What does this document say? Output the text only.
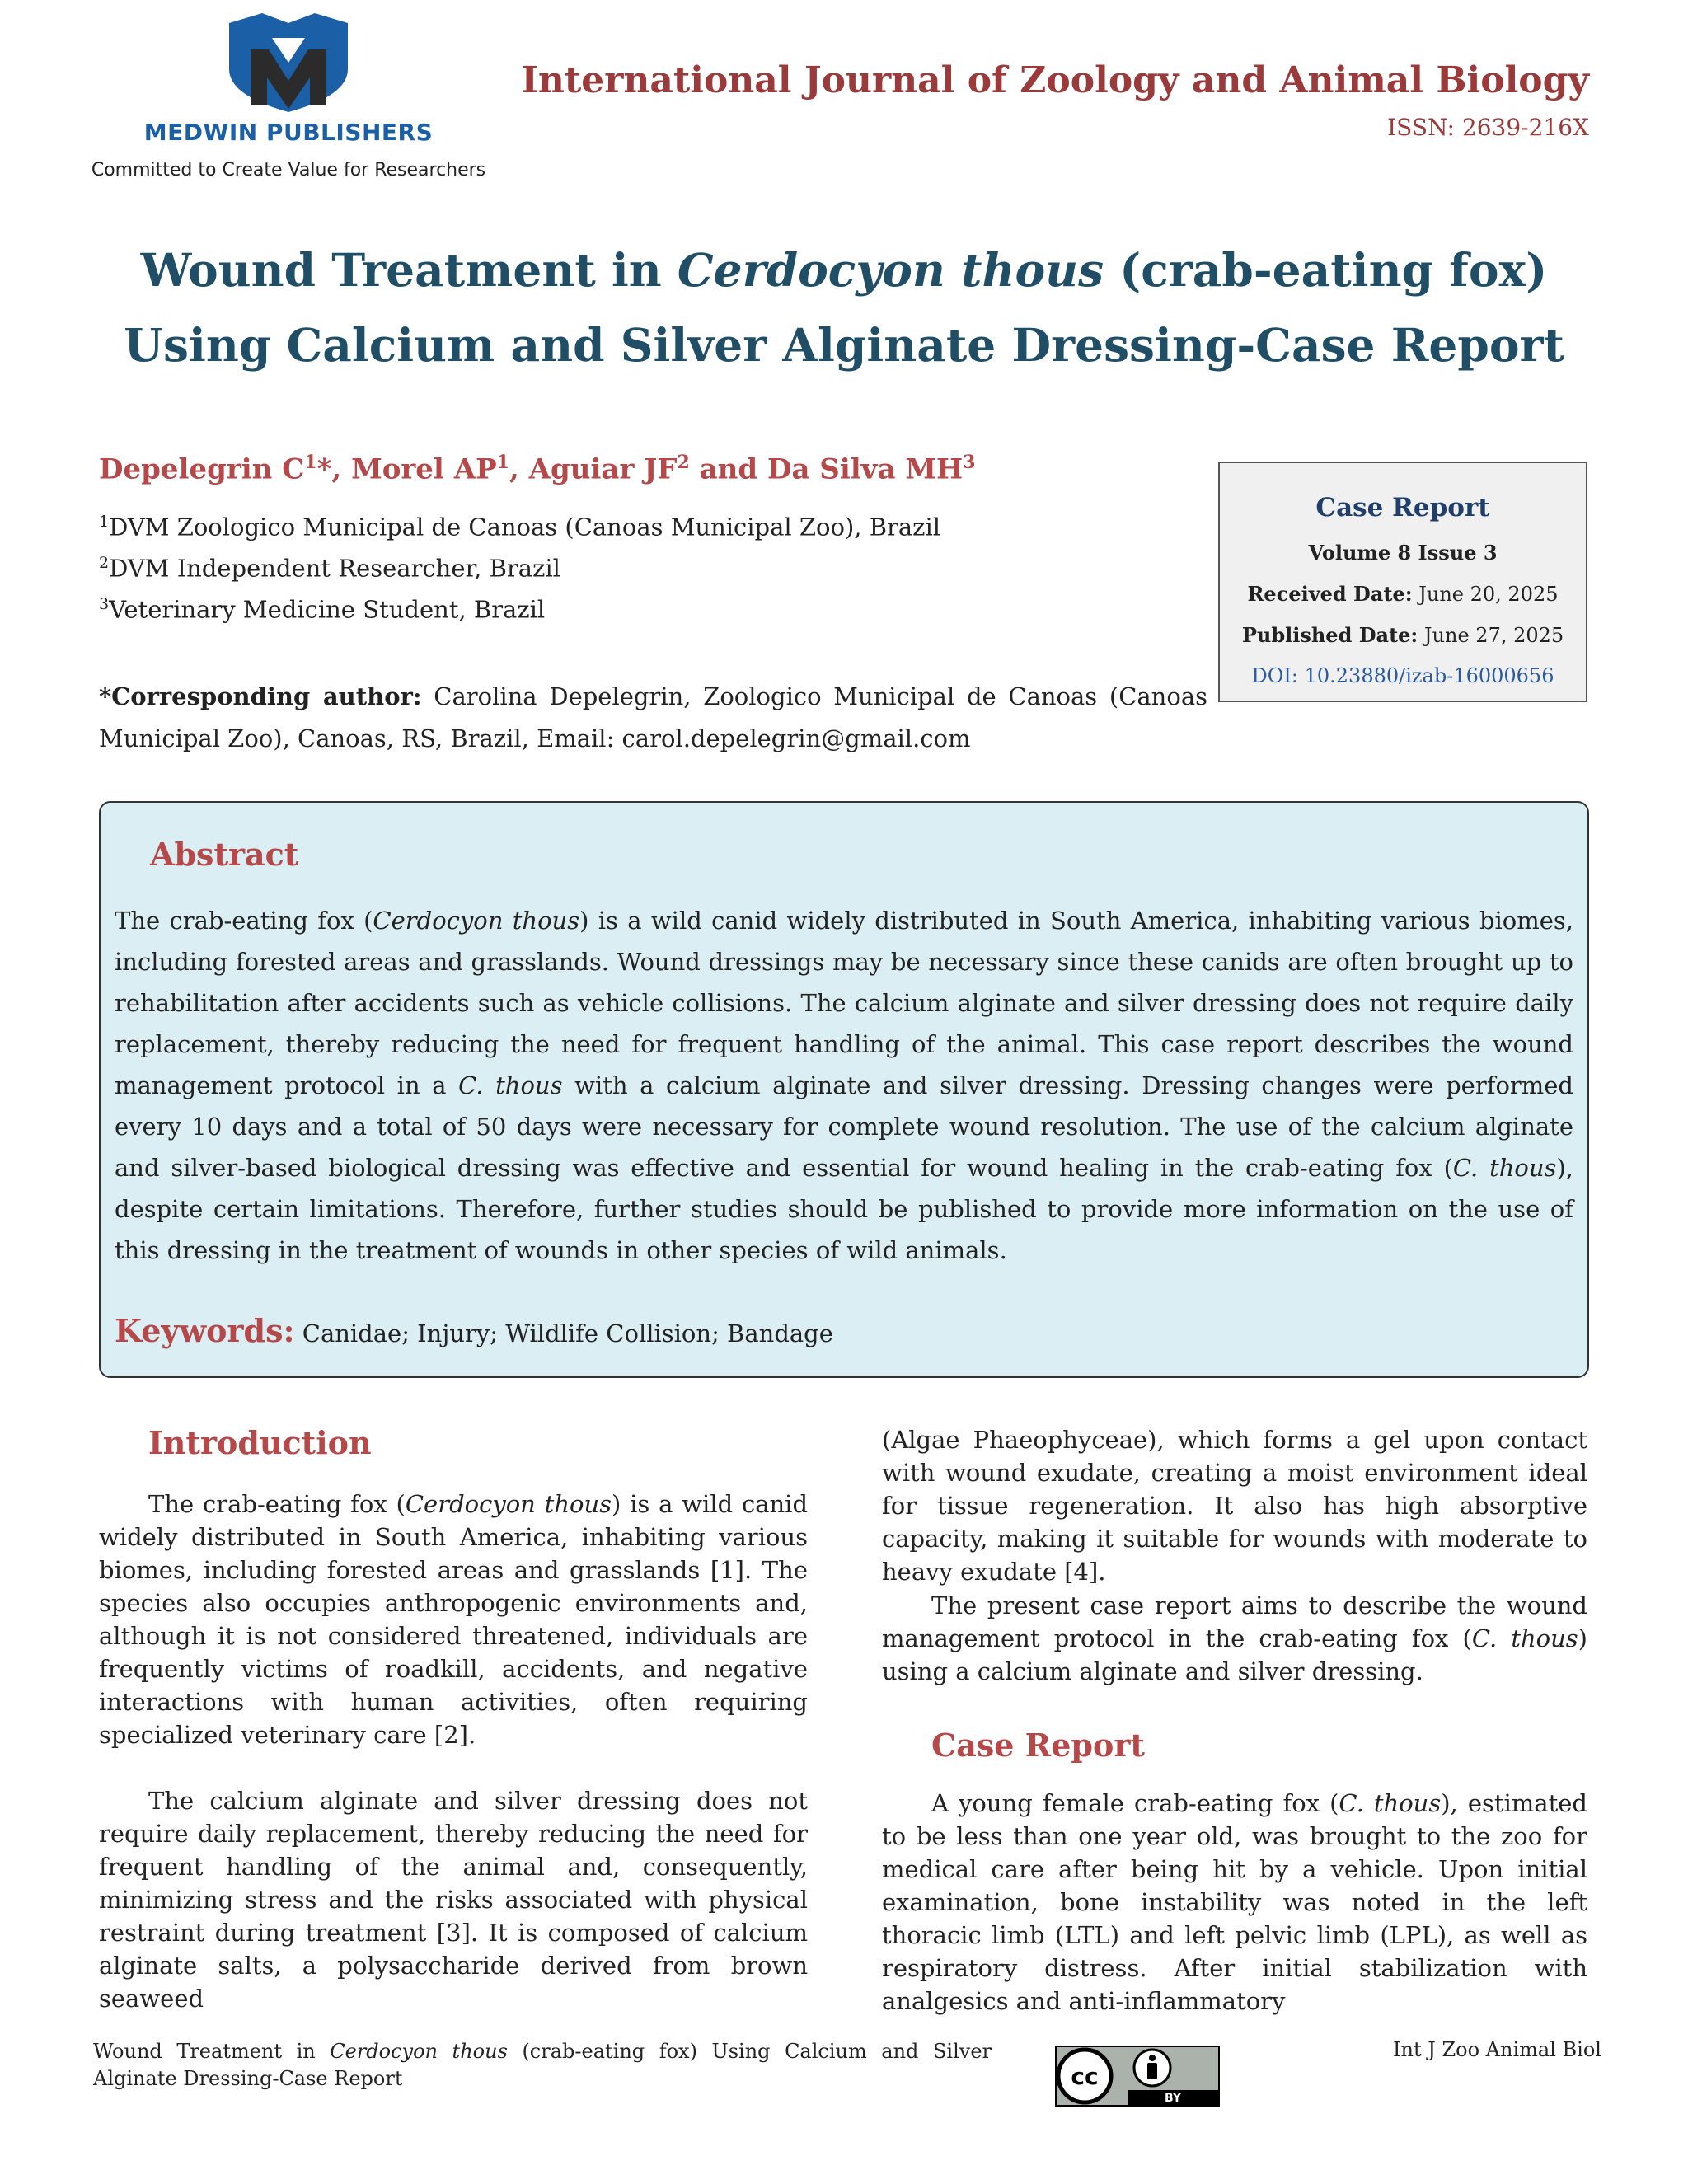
MEDWIN PUBLISHERS
Committed to Create Value for Researchers
International Journal of Zoology and Animal Biology
ISSN: 2639-216X
Wound Treatment in Cerdocyon thous (crab-eating fox) Using Calcium and Silver Alginate Dressing-Case Report
Depelegrin $C^1*$, Morel $AP^1$, Aguiar $JF^2$ and Da Silva $MH^3$
$^1$DVM Zoologico Municipal de Canoas (Canoas Municipal Zoo), Brazil
$^2$DVM Independent Researcher, Brazil
$^3$Veterinary Medicine Student, Brazil
*Corresponding author: Carolina Depelegrin, Zoologico Municipal de Canoas (Canoas Municipal Zoo), Canoas, RS, Brazil, Email: carol.depelegrin@gmail.com
Case Report
Volume 8 Issue 3
Received Date: June 20, 2025
Published Date: June 27, 2025
DOI: 10.23880/izab-16000656
Abstract
The crab-eating fox (Cerdocyon thous) is a wild canid widely distributed in South America, inhabiting various biomes, including forested areas and grasslands. Wound dressings may be necessary since these canids are often brought up to rehabilitation after accidents such as vehicle collisions. The calcium alginate and silver dressing does not require daily replacement, thereby reducing the need for frequent handling of the animal. This case report describes the wound management protocol in a C. thous with a calcium alginate and silver dressing. Dressing changes were performed every 10 days and a total of 50 days were necessary for complete wound resolution. The use of the calcium alginate and silver-based biological dressing was effective and essential for wound healing in the crab-eating fox (C. thous), despite certain limitations. Therefore, further studies should be published to provide more information on the use of this dressing in the treatment of wounds in other species of wild animals.
Keywords: Canidae; Injury; Wildlife Collision; Bandage
Introduction
The crab-eating fox (Cerdocyon thous) is a wild canid widely distributed in South America, inhabiting various biomes, including forested areas and grasslands [1]. The species also occupies anthropogenic environments and, although it is not considered threatened, individuals are frequently victims of roadkill, accidents, and negative interactions with human activities, often requiring specialized veterinary care [2].
The calcium alginate and silver dressing does not require daily replacement, thereby reducing the need for frequent handling of the animal and, consequently, minimizing stress and the risks associated with physical restraint during treatment [3]. It is composed of calcium alginate salts, a polysaccharide derived from brown seaweed
(Algae Phaeophyceae), which forms a gel upon contact with wound exudate, creating a moist environment ideal for tissue regeneration. It also has high absorptive capacity, making it suitable for wounds with moderate to heavy exudate [4].
The present case report aims to describe the wound management protocol in the crab-eating fox (C. thous) using a calcium alginate and silver dressing.
Case Report
A young female crab-eating fox (C. thous), estimated to be less than one year old, was brought to the zoo for medical care after being hit by a vehicle. Upon initial examination, bone instability was noted in the left thoracic limb (LTL) and left pelvic limb (LPL), as well as respiratory distress. After initial stabilization with analgesics and anti-inflammatory
Wound Treatment in Cerdocyon thous (crab-eating fox) Using Calcium and Silver Alginate Dressing-Case Report	cc
BY
Int J Zoo Animal Biol
